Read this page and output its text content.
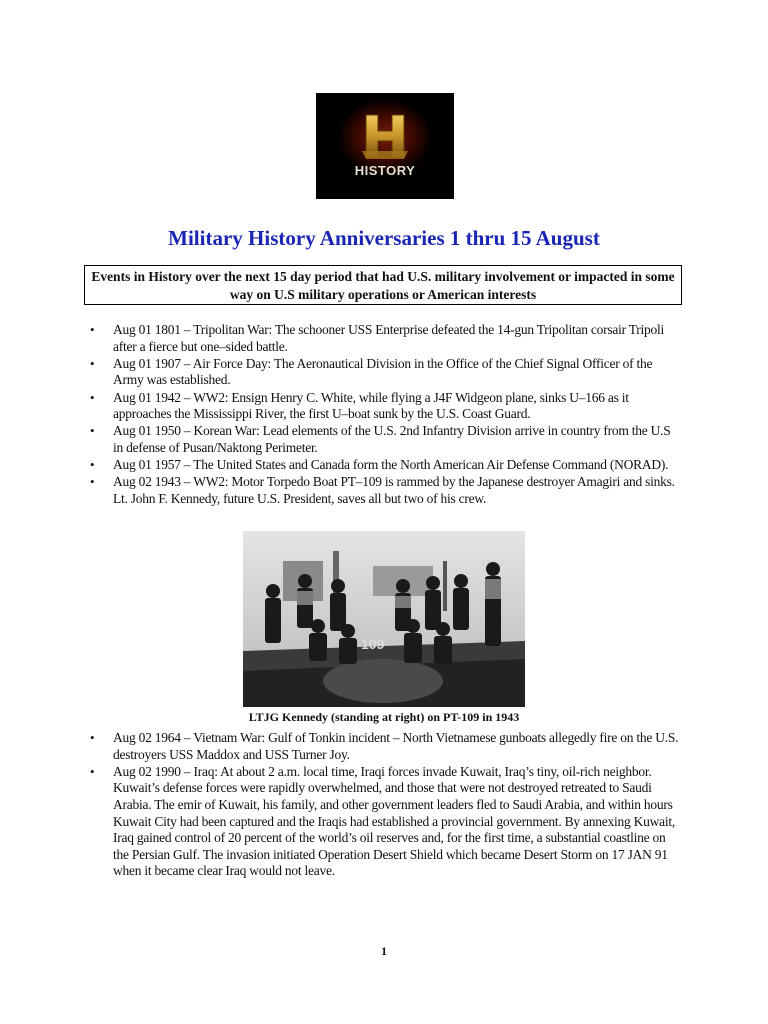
HISTORY
Military History Anniversaries 1 thru 15 August
Events in History over the next 15 day period that had U.S. military involvement or impacted in some way on U.S military operations or American interests
• Aug 01 1801 – Tripolitan War: The schooner USS Enterprise defeated the 14-gun Tripolitan corsair Tripoli after a fierce but one–sided battle.
• Aug 01 1907 – Air Force Day: The Aeronautical Division in the Office of the Chief Signal Officer of the Army was established.
• Aug 01 1942 – WW2: Ensign Henry C. White, while flying a J4F Widgeon plane, sinks U–166 as it approaches the Mississippi River, the first U–boat sunk by the U.S. Coast Guard.
• Aug 01 1950 – Korean War: Lead elements of the U.S. 2nd Infantry Division arrive in country from the U.S in defense of Pusan/Naktong Perimeter.
• Aug 01 1957 – The United States and Canada form the North American Air Defense Command (NORAD).
• Aug 02 1943 – WW2: Motor Torpedo Boat PT–109 is rammed by the Japanese destroyer Amagiri and sinks. Lt. John F. Kennedy, future U.S. President, saves all but two of his crew.
109
LTJG Kennedy (standing at right) on PT-109 in 1943
• Aug 02 1964 – Vietnam War: Gulf of Tonkin incident – North Vietnamese gunboats allegedly fire on the U.S. destroyers USS Maddox and USS Turner Joy.
• Aug 02 1990 – Iraq: At about 2 a.m. local time, Iraqi forces invade Kuwait, Iraq’s tiny, oil-rich neighbor. Kuwait’s defense forces were rapidly overwhelmed, and those that were not destroyed retreated to Saudi Arabia. The emir of Kuwait, his family, and other government leaders fled to Saudi Arabia, and within hours Kuwait City had been captured and the Iraqis had established a provincial government. By annexing Kuwait, Iraq gained control of 20 percent of the world’s oil reserves and, for the first time, a substantial coastline on the Persian Gulf. The invasion initiated Operation Desert Shield which became Desert Storm on 17 JAN 91 when it became clear Iraq would not leave.
1
